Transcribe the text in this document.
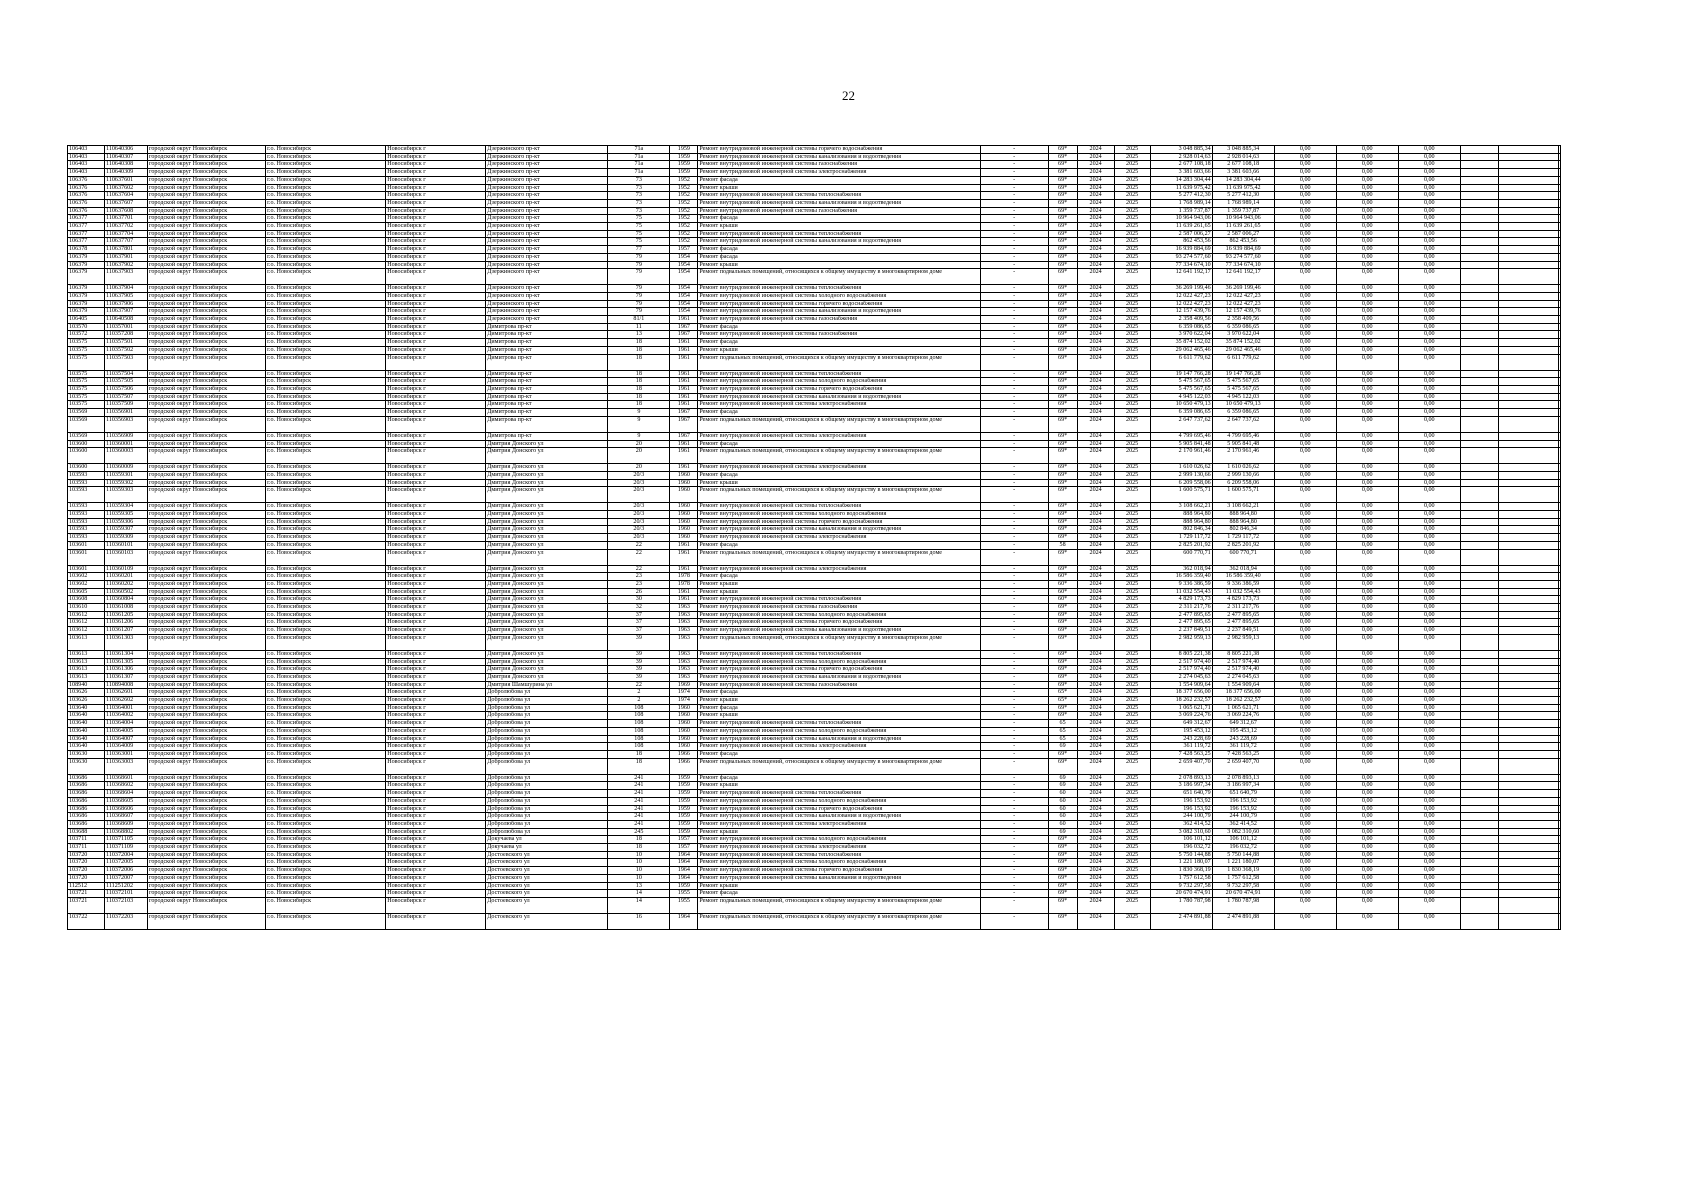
22
106403	110640306	городской округ Новосибирск	г.о. Новосибирск	Новосибирск г	Дзержинского пр-кт	71а	1959	Ремонт внутридомовой инженерной системы горячего водоснабжения	-	69*	2024	2025	3 048 885,34	3 048 885,34	0,00	0,00	0,00			
106403	110640307	городской округ Новосибирск	г.о. Новосибирск	Новосибирск г	Дзержинского пр-кт	71а	1959	Ремонт внутридомовой инженерной системы канализования и водоотведения	-	69*	2024	2025	2 928 014,63	2 928 014,63	0,00	0,00	0,00			
106403	110640308	городской округ Новосибирск	г.о. Новосибирск	Новосибирск г	Дзержинского пр-кт	71а	1959	Ремонт внутридомовой инженерной системы газоснабжения	-	69*	2024	2025	2 677 108,18	2 677 108,18	0,00	0,00	0,00			
106403	110640309	городской округ Новосибирск	г.о. Новосибирск	Новосибирск г	Дзержинского пр-кт	71а	1959	Ремонт внутридомовой инженерной системы электроснабжения	-	69*	2024	2025	3 381 603,66	3 381 603,66	0,00	0,00	0,00			
106376	110637601	городской округ Новосибирск	г.о. Новосибирск	Новосибирск г	Дзержинского пр-кт	73	1952	Ремонт фасада	-	69*	2024	2025	14 283 304,44	14 283 304,44	0,00	0,00	0,00			
106376	110637602	городской округ Новосибирск	г.о. Новосибирск	Новосибирск г	Дзержинского пр-кт	73	1952	Ремонт крыши	-	69*	2024	2025	11 639 975,42	11 639 975,42	0,00	0,00	0,00			
106376	110637604	городской округ Новосибирск	г.о. Новосибирск	Новосибирск г	Дзержинского пр-кт	73	1952	Ремонт внутридомовой инженерной системы теплоснабжения	-	69*	2024	2025	5 277 412,30	5 277 412,30	0,00	0,00	0,00			
106376	110637607	городской округ Новосибирск	г.о. Новосибирск	Новосибирск г	Дзержинского пр-кт	73	1952	Ремонт внутридомовой инженерной системы канализования и водоотведения	-	69*	2024	2025	1 768 989,14	1 768 989,14	0,00	0,00	0,00			
106376	110637608	городской округ Новосибирск	г.о. Новосибирск	Новосибирск г	Дзержинского пр-кт	73	1952	Ремонт внутридомовой инженерной системы газоснабжения	-	69*	2024	2025	1 359 737,87	1 359 737,87	0,00	0,00	0,00			
106377	110637701	городской округ Новосибирск	г.о. Новосибирск	Новосибирск г	Дзержинского пр-кт	75	1952	Ремонт фасада	-	69*	2024	2025	10 964 943,06	10 964 943,06	0,00	0,00	0,00			
106377	110637702	городской округ Новосибирск	г.о. Новосибирск	Новосибирск г	Дзержинского пр-кт	75	1952	Ремонт крыши	-	69*	2024	2025	11 639 261,65	11 639 261,65	0,00	0,00	0,00			
106377	110637704	городской округ Новосибирск	г.о. Новосибирск	Новосибирск г	Дзержинского пр-кт	75	1952	Ремонт внутридомовой инженерной системы теплоснабжения	-	69*	2024	2025	2 587 006,27	2 587 006,27	0,00	0,00	0,00			
106377	110637707	городской округ Новосибирск	г.о. Новосибирск	Новосибирск г	Дзержинского пр-кт	75	1952	Ремонт внутридомовой инженерной системы канализования и водоотведения	-	69*	2024	2025	862 453,56	862 453,56	0,00	0,00	0,00			
106378	110637801	городской округ Новосибирск	г.о. Новосибирск	Новосибирск г	Дзержинского пр-кт	77	1957	Ремонт фасада	-	69*	2024	2025	16 939 884,69	16 939 884,69	0,00	0,00	0,00			
106379	110637901	городской округ Новосибирск	г.о. Новосибирск	Новосибирск г	Дзержинского пр-кт	79	1954	Ремонт фасада	-	69*	2024	2025	93 274 577,60	93 274 577,60	0,00	0,00	0,00			
106379	110637902	городской округ Новосибирск	г.о. Новосибирск	Новосибирск г	Дзержинского пр-кт	79	1954	Ремонт крыши	-	69*	2024	2025	77 334 674,10	77 334 674,10	0,00	0,00	0,00			
106379	110637903	городской округ Новосибирск	г.о. Новосибирск	Новосибирск г	Дзержинского пр-кт	79	1954	Ремонт подвальных помещений, относящихся к общему имуществу в многоквартирном доме	-	69*	2024	2025	12 641 192,17	12 641 192,17	0,00	0,00	0,00			
106379	110637904	городской округ Новосибирск	г.о. Новосибирск	Новосибирск г	Дзержинского пр-кт	79	1954	Ремонт внутридомовой инженерной системы теплоснабжения	-	69*	2024	2025	36 269 199,46	36 269 199,46	0,00	0,00	0,00			
106379	110637905	городской округ Новосибирск	г.о. Новосибирск	Новосибирск г	Дзержинского пр-кт	79	1954	Ремонт внутридомовой инженерной системы холодного водоснабжения	-	69*	2024	2025	12 022 427,23	12 022 427,23	0,00	0,00	0,00			
106379	110637906	городской округ Новосибирск	г.о. Новосибирск	Новосибирск г	Дзержинского пр-кт	79	1954	Ремонт внутридомовой инженерной системы горячего водоснабжения	-	69*	2024	2025	12 022 427,23	12 022 427,23	0,00	0,00	0,00			
106379	110637907	городской округ Новосибирск	г.о. Новосибирск	Новосибирск г	Дзержинского пр-кт	79	1954	Ремонт внутридомовой инженерной системы канализования и водоотведения	-	69*	2024	2025	12 157 439,76	12 157 439,76	0,00	0,00	0,00			
106405	110640508	городской округ Новосибирск	г.о. Новосибирск	Новосибирск г	Дзержинского пр-кт	81/1	1961	Ремонт внутридомовой инженерной системы газоснабжения	-	69*	2024	2025	2 358 409,56	2 358 409,56	0,00	0,00	0,00			
103570	110357001	городской округ Новосибирск	г.о. Новосибирск	Новосибирск г	Димитрова пр-кт	11	1967	Ремонт фасада	-	69*	2024	2025	6 359 086,65	6 359 086,65	0,00	0,00	0,00			
103572	110357208	городской округ Новосибирск	г.о. Новосибирск	Новосибирск г	Димитрова пр-кт	13	1967	Ремонт внутридомовой инженерной системы газоснабжения	-	69*	2024	2025	3 970 622,04	3 970 622,04	0,00	0,00	0,00			
103575	110357501	городской округ Новосибирск	г.о. Новосибирск	Новосибирск г	Димитрова пр-кт	18	1961	Ремонт фасада	-	69*	2024	2025	35 874 152,02	35 874 152,02	0,00	0,00	0,00			
103575	110357502	городской округ Новосибирск	г.о. Новосибирск	Новосибирск г	Димитрова пр-кт	18	1961	Ремонт крыши	-	69*	2024	2025	29 062 465,46	29 062 465,46	0,00	0,00	0,00			
103575	110357503	городской округ Новосибирск	г.о. Новосибирск	Новосибирск г	Димитрова пр-кт	18	1961	Ремонт подвальных помещений, относящихся к общему имуществу в многоквартирном доме	-	69*	2024	2025	6 611 779,62	6 611 779,62	0,00	0,00	0,00			
103575	110357504	городской округ Новосибирск	г.о. Новосибирск	Новосибирск г	Димитрова пр-кт	18	1961	Ремонт внутридомовой инженерной системы теплоснабжения	-	69*	2024	2025	19 147 766,28	19 147 766,28	0,00	0,00	0,00			
103575	110357505	городской округ Новосибирск	г.о. Новосибирск	Новосибирск г	Димитрова пр-кт	18	1961	Ремонт внутридомовой инженерной системы холодного водоснабжения	-	69*	2024	2025	5 475 567,65	5 475 567,65	0,00	0,00	0,00			
103575	110357506	городской округ Новосибирск	г.о. Новосибирск	Новосибирск г	Димитрова пр-кт	18	1961	Ремонт внутридомовой инженерной системы горячего водоснабжения	-	69*	2024	2025	5 475 567,65	5 475 567,65	0,00	0,00	0,00			
103575	110357507	городской округ Новосибирск	г.о. Новосибирск	Новосибирск г	Димитрова пр-кт	18	1961	Ремонт внутридомовой инженерной системы канализования и водоотведения	-	69*	2024	2025	4 945 122,03	4 945 122,03	0,00	0,00	0,00			
103575	110357509	городской округ Новосибирск	г.о. Новосибирск	Новосибирск г	Димитрова пр-кт	18	1961	Ремонт внутридомовой инженерной системы электроснабжения	-	69*	2024	2025	10 650 479,13	10 650 479,13	0,00	0,00	0,00			
103569	110356901	городской округ Новосибирск	г.о. Новосибирск	Новосибирск г	Димитрова пр-кт	9	1967	Ремонт фасада	-	69*	2024	2025	6 359 086,65	6 359 086,65	0,00	0,00	0,00			
103569	110356903	городской округ Новосибирск	г.о. Новосибирск	Новосибирск г	Димитрова пр-кт	9	1967	Ремонт подвальных помещений, относящихся к общему имуществу в многоквартирном доме	-	69*	2024	2025	2 647 737,62	2 647 737,62	0,00	0,00	0,00			
103569	110356909	городской округ Новосибирск	г.о. Новосибирск	Новосибирск г	Димитрова пр-кт	9	1967	Ремонт внутридомовой инженерной системы электроснабжения	-	69*	2024	2025	4 799 695,46	4 799 695,46	0,00	0,00	0,00			
103600	110360001	городской округ Новосибирск	г.о. Новосибирск	Новосибирск г	Дмитрия Донского ул	20	1961	Ремонт фасада	-	69*	2024	2025	5 905 841,48	5 905 841,48	0,00	0,00	0,00			
103600	110360003	городской округ Новосибирск	г.о. Новосибирск	Новосибирск г	Дмитрия Донского ул	20	1961	Ремонт подвальных помещений, относящихся к общему имуществу в многоквартирном доме	-	69*	2024	2025	2 170 961,46	2 170 961,46	0,00	0,00	0,00			
103600	110360009	городской округ Новосибирск	г.о. Новосибирск	Новосибирск г	Дмитрия Донского ул	20	1961	Ремонт внутридомовой инженерной системы электроснабжения	-	69*	2024	2025	1 610 026,62	1 610 026,62	0,00	0,00	0,00			
103593	110359301	городской округ Новосибирск	г.о. Новосибирск	Новосибирск г	Дмитрия Донского ул	20/3	1960	Ремонт фасада	-	69*	2024	2025	2 999 130,66	2 999 130,66	0,00	0,00	0,00			
103593	110359302	городской округ Новосибирск	г.о. Новосибирск	Новосибирск г	Дмитрия Донского ул	20/3	1960	Ремонт крыши	-	69*	2024	2025	6 209 558,06	6 209 558,06	0,00	0,00	0,00			
103593	110359303	городской округ Новосибирск	г.о. Новосибирск	Новосибирск г	Дмитрия Донского ул	20/3	1960	Ремонт подвальных помещений, относящихся к общему имуществу в многоквартирном доме	-	69*	2024	2025	1 600 575,71	1 600 575,71	0,00	0,00	0,00			
103593	110359304	городской округ Новосибирск	г.о. Новосибирск	Новосибирск г	Дмитрия Донского ул	20/3	1960	Ремонт внутридомовой инженерной системы теплоснабжения	-	69*	2024	2025	3 108 662,21	3 108 662,21	0,00	0,00	0,00			
103593	110359305	городской округ Новосибирск	г.о. Новосибирск	Новосибирск г	Дмитрия Донского ул	20/3	1960	Ремонт внутридомовой инженерной системы холодного водоснабжения	-	69*	2024	2025	888 964,80	888 964,80	0,00	0,00	0,00			
103593	110359306	городской округ Новосибирск	г.о. Новосибирск	Новосибирск г	Дмитрия Донского ул	20/3	1960	Ремонт внутридомовой инженерной системы горячего водоснабжения	-	69*	2024	2025	888 964,80	888 964,80	0,00	0,00	0,00			
103593	110359307	городской округ Новосибирск	г.о. Новосибирск	Новосибирск г	Дмитрия Донского ул	20/3	1960	Ремонт внутридомовой инженерной системы канализования и водоотведения	-	69*	2024	2025	802 846,34	802 846,34	0,00	0,00	0,00			
103593	110359309	городской округ Новосибирск	г.о. Новосибирск	Новосибирск г	Дмитрия Донского ул	20/3	1960	Ремонт внутридомовой инженерной системы электроснабжения	-	69*	2024	2025	1 729 117,72	1 729 117,72	0,00	0,00	0,00			
103601	110360101	городской округ Новосибирск	г.о. Новосибирск	Новосибирск г	Дмитрия Донского ул	22	1961	Ремонт фасада	-	58	2024	2025	2 825 201,92	2 825 201,92	0,00	0,00	0,00			
103601	110360103	городской округ Новосибирск	г.о. Новосибирск	Новосибирск г	Дмитрия Донского ул	22	1961	Ремонт подвальных помещений, относящихся к общему имуществу в многоквартирном доме	-	69*	2024	2025	600 770,71	600 770,71	0,00	0,00	0,00			
103601	110360109	городской округ Новосибирск	г.о. Новосибирск	Новосибирск г	Дмитрия Донского ул	22	1961	Ремонт внутридомовой инженерной системы электроснабжения	-	69*	2024	2025	362 018,94	362 018,94	0,00	0,00	0,00			
103602	110360201	городской округ Новосибирск	г.о. Новосибирск	Новосибирск г	Дмитрия Донского ул	23	1978	Ремонт фасада	-	60*	2024	2025	16 586 359,40	16 586 359,40	0,00	0,00	0,00			
103602	110360202	городской округ Новосибирск	г.о. Новосибирск	Новосибирск г	Дмитрия Донского ул	23	1978	Ремонт крыши	-	60*	2024	2025	9 336 386,59	9 336 386,59	0,00	0,00	0,00			
103605	110360502	городской округ Новосибирск	г.о. Новосибирск	Новосибирск г	Дмитрия Донского ул	26	1961	Ремонт крыши	-	60*	2024	2025	11 032 554,43	11 032 554,43	0,00	0,00	0,00			
103608	110360804	городской округ Новосибирск	г.о. Новосибирск	Новосибирск г	Дмитрия Донского ул	30	1961	Ремонт внутридомовой инженерной системы теплоснабжения	-	60*	2024	2025	4 829 173,73	4 829 173,73	0,00	0,00	0,00			
103610	110361008	городской округ Новосибирск	г.о. Новосибирск	Новосибирск г	Дмитрия Донского ул	32	1963	Ремонт внутридомовой инженерной системы газоснабжения	-	69*	2024	2025	2 311 217,76	2 311 217,76	0,00	0,00	0,00			
103612	110361205	городской округ Новосибирск	г.о. Новосибирск	Новосибирск г	Дмитрия Донского ул	37	1963	Ремонт внутридомовой инженерной системы холодного водоснабжения	-	69*	2024	2025	2 477 895,65	2 477 895,65	0,00	0,00	0,00			
103612	110361206	городской округ Новосибирск	г.о. Новосибирск	Новосибирск г	Дмитрия Донского ул	37	1963	Ремонт внутридомовой инженерной системы горячего водоснабжения	-	69*	2024	2025	2 477 895,65	2 477 895,65	0,00	0,00	0,00			
103612	110361207	городской округ Новосибирск	г.о. Новосибирск	Новосибирск г	Дмитрия Донского ул	37	1963	Ремонт внутридомовой инженерной системы канализования и водоотведения	-	69*	2024	2025	2 237 849,51	2 237 849,51	0,00	0,00	0,00			
103613	110361303	городской округ Новосибирск	г.о. Новосибирск	Новосибирск г	Дмитрия Донского ул	39	1963	Ремонт подвальных помещений, относящихся к общему имуществу в многоквартирном доме	-	69*	2024	2025	2 982 959,13	2 982 959,13	0,00	0,00	0,00			
103613	110361304	городской округ Новосибирск	г.о. Новосибирск	Новосибирск г	Дмитрия Донского ул	39	1963	Ремонт внутридомовой инженерной системы теплоснабжения	-	69*	2024	2025	8 805 221,38	8 805 221,38	0,00	0,00	0,00			
103613	110361305	городской округ Новосибирск	г.о. Новосибирск	Новосибирск г	Дмитрия Донского ул	39	1963	Ремонт внутридомовой инженерной системы холодного водоснабжения	-	69*	2024	2025	2 517 974,40	2 517 974,40	0,00	0,00	0,00			
103613	110361306	городской округ Новосибирск	г.о. Новосибирск	Новосибирск г	Дмитрия Донского ул	39	1963	Ремонт внутридомовой инженерной системы горячего водоснабжения	-	69*	2024	2025	2 517 974,40	2 517 974,40	0,00	0,00	0,00			
103613	110361307	городской округ Новосибирск	г.о. Новосибирск	Новосибирск г	Дмитрия Донского ул	39	1963	Ремонт внутридомовой инженерной системы канализования и водоотведения	-	69*	2024	2025	2 274 045,63	2 274 045,63	0,00	0,00	0,00			
108940	110894008	городской округ Новосибирск	г.о. Новосибирск	Новосибирск г	Дмитрия Шамшурина ул	22	1969	Ремонт внутридомовой инженерной системы газоснабжения	-	69*	2024	2025	1 554 909,64	1 554 909,64	0,00	0,00	0,00			
103626	110362601	городской округ Новосибирск	г.о. Новосибирск	Новосибирск г	Добролюбова ул	2	1974	Ремонт фасада	-	65*	2024	2025	18 377 656,00	18 377 656,00	0,00	0,00	0,00			
103626	110362602	городской округ Новосибирск	г.о. Новосибирск	Новосибирск г	Добролюбова ул	2	1974	Ремонт крыши	-	65*	2024	2025	18 262 232,57	18 262 232,57	0,00	0,00	0,00			
103640	110364001	городской округ Новосибирск	г.о. Новосибирск	Новосибирск г	Добролюбова ул	108	1960	Ремонт фасада	-	69*	2024	2025	1 065 621,71	1 065 621,71	0,00	0,00	0,00			
103640	110364002	городской округ Новосибирск	г.о. Новосибирск	Новосибирск г	Добролюбова ул	108	1960	Ремонт крыши	-	69*	2024	2025	3 069 224,76	3 069 224,76	0,00	0,00	0,00			
103640	110364004	городской округ Новосибирск	г.о. Новосибирск	Новосибирск г	Добролюбова ул	108	1960	Ремонт внутридомовой инженерной системы теплоснабжения	-	65	2024	2025	649 312,67	649 312,67	0,00	0,00	0,00			
103640	110364005	городской округ Новосибирск	г.о. Новосибирск	Новосибирск г	Добролюбова ул	108	1960	Ремонт внутридомовой инженерной системы холодного водоснабжения	-	65	2024	2025	195 453,12	195 453,12	0,00	0,00	0,00			
103640	110364007	городской округ Новосибирск	г.о. Новосибирск	Новосибирск г	Добролюбова ул	108	1960	Ремонт внутридомовой инженерной системы канализования и водоотведения	-	65	2024	2025	243 228,69	243 228,69	0,00	0,00	0,00			
103640	110364009	городской округ Новосибирск	г.о. Новосибирск	Новосибирск г	Добролюбова ул	108	1960	Ремонт внутридомовой инженерной системы электроснабжения	-	69	2024	2025	361 119,72	361 119,72	0,00	0,00	0,00			
103630	110363001	городской округ Новосибирск	г.о. Новосибирск	Новосибирск г	Добролюбова ул	18	1966	Ремонт фасада	-	69*	2024	2025	7 428 563,25	7 428 563,25	0,00	0,00	0,00			
103630	110363003	городской округ Новосибирск	г.о. Новосибирск	Новосибирск г	Добролюбова ул	18	1966	Ремонт подвальных помещений, относящихся к общему имуществу в многоквартирном доме	-	69*	2024	2025	2 659 407,70	2 659 407,70	0,00	0,00	0,00			
103686	110368601	городской округ Новосибирск	г.о. Новосибирск	Новосибирск г	Добролюбова ул	241	1959	Ремонт фасада	-	69	2024	2025	2 078 893,13	2 078 893,13	0,00	0,00	0,00			
103686	110368602	городской округ Новосибирск	г.о. Новосибирск	Новосибирск г	Добролюбова ул	241	1959	Ремонт крыши	-	69	2024	2025	3 186 997,34	3 186 997,34	0,00	0,00	0,00			
103686	110368604	городской округ Новосибирск	г.о. Новосибирск	Новосибирск г	Добролюбова ул	241	1959	Ремонт внутридомовой инженерной системы теплоснабжения	-	60	2024	2025	651 640,79	651 640,79	0,00	0,00	0,00			
103686	110368605	городской округ Новосибирск	г.о. Новосибирск	Новосибирск г	Добролюбова ул	241	1959	Ремонт внутридомовой инженерной системы холодного водоснабжения	-	60	2024	2025	196 153,92	196 153,92	0,00	0,00	0,00			
103686	110368606	городской округ Новосибирск	г.о. Новосибирск	Новосибирск г	Добролюбова ул	241	1959	Ремонт внутридомовой инженерной системы горячего водоснабжения	-	60	2024	2025	196 153,92	196 153,92	0,00	0,00	0,00			
103686	110368607	городской округ Новосибирск	г.о. Новосибирск	Новосибирск г	Добролюбова ул	241	1959	Ремонт внутридомовой инженерной системы канализования и водоотведения	-	60	2024	2025	244 100,79	244 100,79	0,00	0,00	0,00			
103686	110368609	городской округ Новосибирск	г.о. Новосибирск	Новосибирск г	Добролюбова ул	241	1959	Ремонт внутридомовой инженерной системы электроснабжения	-	60	2024	2025	362 414,52	362 414,52	0,00	0,00	0,00			
103688	110368802	городской округ Новосибирск	г.о. Новосибирск	Новосибирск г	Добролюбова ул	245	1959	Ремонт крыши	-	69	2024	2025	3 082 310,60	3 082 310,60	0,00	0,00	0,00			
103711	110371105	городской округ Новосибирск	г.о. Новосибирск	Новосибирск г	Докучаева ул	18	1957	Ремонт внутридомовой инженерной системы холодного водоснабжения	-	69*	2024	2025	106 101,12	106 101,12	0,00	0,00	0,00			
103711	110371109	городской округ Новосибирск	г.о. Новосибирск	Новосибирск г	Докучаева ул	18	1957	Ремонт внутридомовой инженерной системы электроснабжения	-	69*	2024	2025	196 032,72	196 032,72	0,00	0,00	0,00			
103720	110372004	городской округ Новосибирск	г.о. Новосибирск	Новосибирск г	Достоевского ул	10	1964	Ремонт внутридомовой инженерной системы теплоснабжения	-	69*	2024	2025	5 750 144,88	5 750 144,88	0,00	0,00	0,00			
103720	110372005	городской округ Новосибирск	г.о. Новосибирск	Новосибирск г	Достоевского ул	10	1964	Ремонт внутридомовой инженерной системы холодного водоснабжения	-	69*	2024	2025	1 221 180,07	1 221 180,07	0,00	0,00	0,00			
103720	110372006	городской округ Новосибирск	г.о. Новосибирск	Новосибирск г	Достоевского ул	10	1964	Ремонт внутридомовой инженерной системы горячего водоснабжения	-	69*	2024	2025	1 830 368,19	1 830 368,19	0,00	0,00	0,00			
103720	110372007	городской округ Новосибирск	г.о. Новосибирск	Новосибирск г	Достоевского ул	10	1964	Ремонт внутридомовой инженерной системы канализования и водоотведения	-	69*	2024	2025	1 757 612,58	1 757 612,58	0,00	0,00	0,00			
112512	111251202	городской округ Новосибирск	г.о. Новосибирск	Новосибирск г	Достоевского ул	13	1959	Ремонт крыши	-	69*	2024	2025	9 732 297,58	9 732 297,58	0,00	0,00	0,00			
103721	110372101	городской округ Новосибирск	г.о. Новосибирск	Новосибирск г	Достоевского ул	14	1955	Ремонт фасада	-	69*	2024	2025	20 670 474,91	20 670 474,91	0,00	0,00	0,00			
103721	110372103	городской округ Новосибирск	г.о. Новосибирск	Новосибирск г	Достоевского ул	14	1955	Ремонт подвальных помещений, относящихся к общему имуществу в многоквартирном доме	-	69*	2024	2025	1 780 787,98	1 780 787,98	0,00	0,00	0,00			
103722	110372203	городской округ Новосибирск	г.о. Новосибирск	Новосибирск г	Достоевского ул	16	1964	Ремонт подвальных помещений, относящихся к общему имуществу в многоквартирном доме	-	69*	2024	2025	2 474 891,88	2 474 891,88	0,00	0,00	0,00			
